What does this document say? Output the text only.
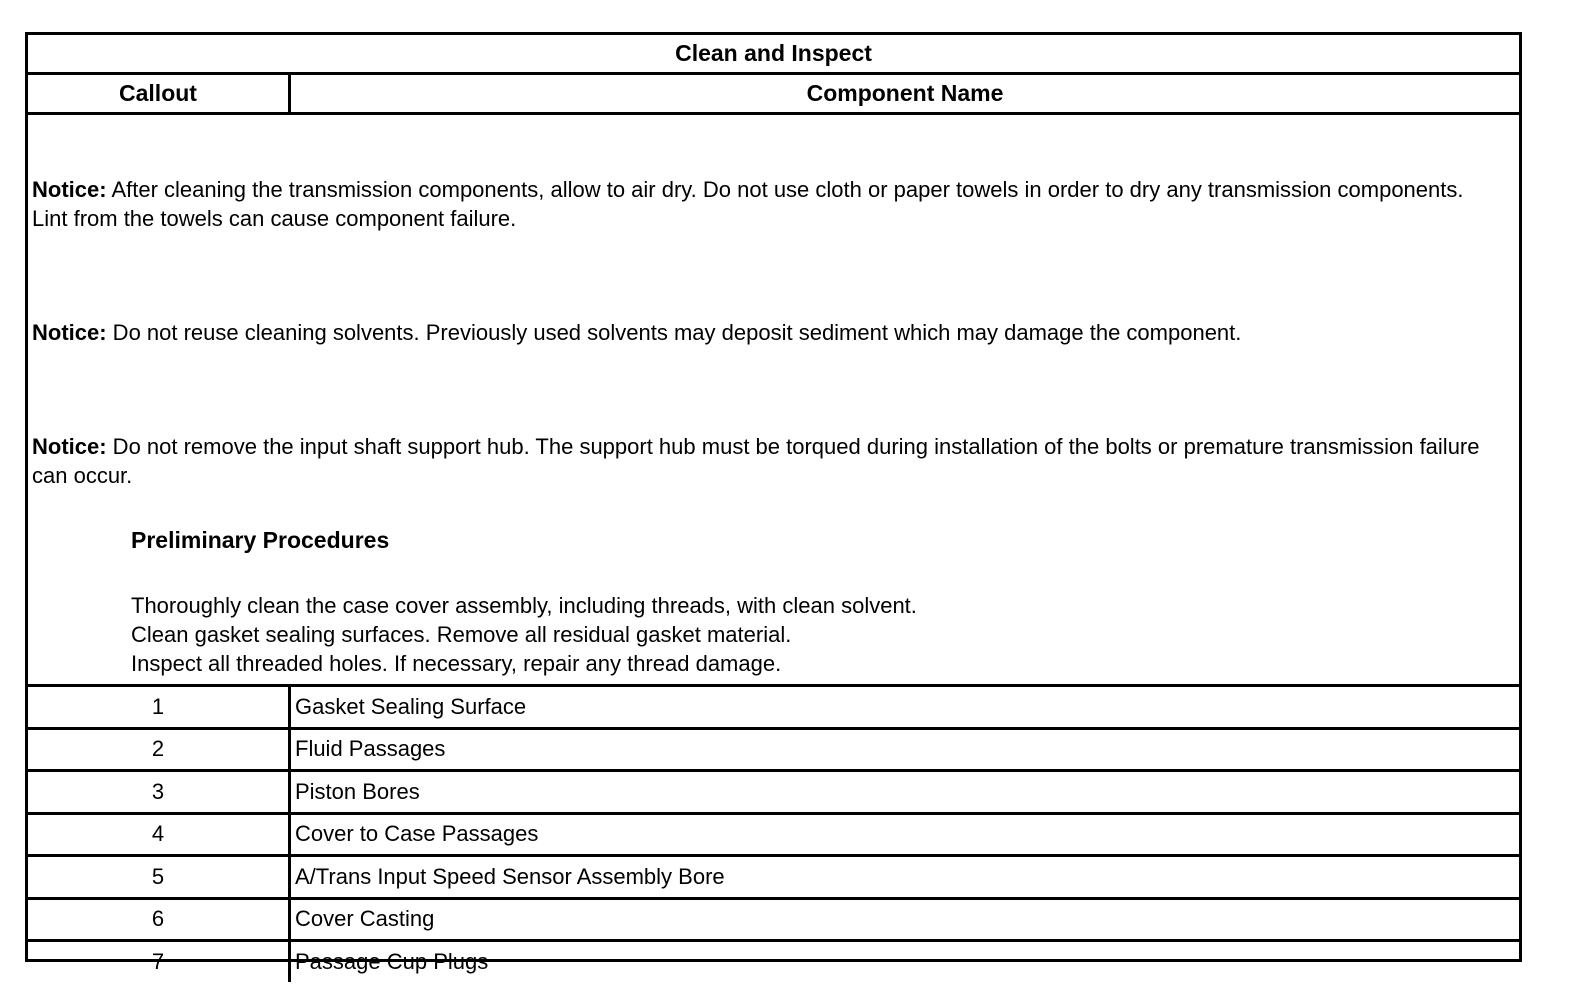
Clean and Inspect
Callout	Component Name
Notice: After cleaning the transmission components, allow to air dry. Do not use cloth or paper towels in order to dry any transmission components. Lint from the towels can cause component failure.
Notice: Do not reuse cleaning solvents. Previously used solvents may deposit sediment which may damage the component.
Notice: Do not remove the input shaft support hub. The support hub must be torqued during installation of the bolts or premature transmission failure can occur.
Preliminary Procedures
Thoroughly clean the case cover assembly, including threads, with clean solvent.
Clean gasket sealing surfaces. Remove all residual gasket material.
Inspect all threaded holes. If necessary, repair any thread damage.
1	Gasket Sealing Surface
2	Fluid Passages
3	Piston Bores
4	Cover to Case Passages
5	A/Trans Input Speed Sensor Assembly Bore
6	Cover Casting
7	Passage Cup Plugs
